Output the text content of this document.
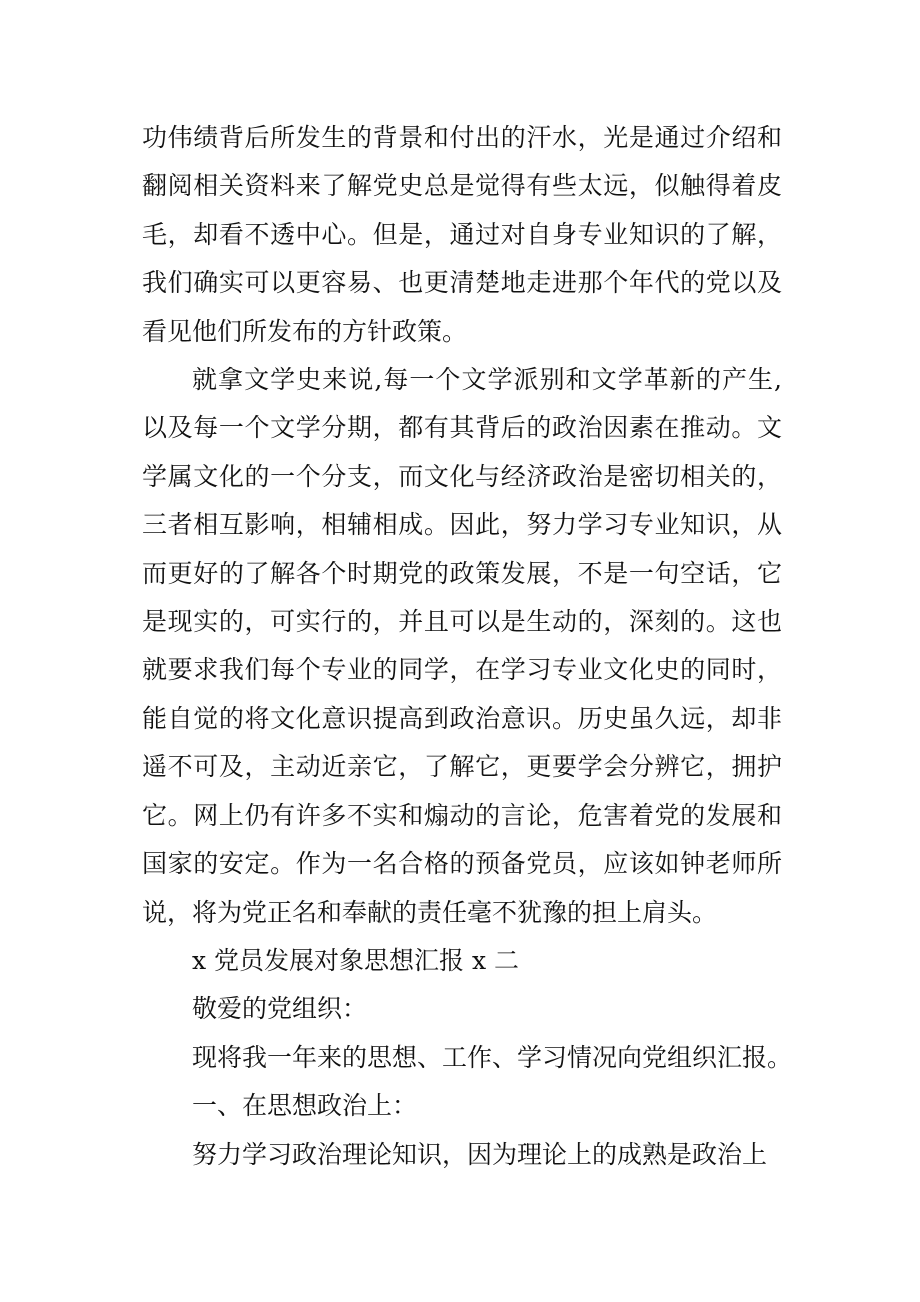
功伟绩背后所发生的背景和付出的汗水，光是通过介绍和翻阅相关资料来了解党史总是觉得有些太远，似触得着皮毛，却看不透中心。但是，通过对自身专业知识的了解，我们确实可以更容易、也更清楚地走进那个年代的党以及看见他们所发布的方针政策。

就拿文学史来说,每一个文学派别和文学革新的产生,以及每一个文学分期，都有其背后的政治因素在推动。文学属文化的一个分支，而文化与经济政治是密切相关的，三者相互影响，相辅相成。因此，努力学习专业知识，从而更好的了解各个时期党的政策发展，不是一句空话，它是现实的，可实行的，并且可以是生动的，深刻的。这也就要求我们每个专业的同学，在学习专业文化史的同时，能自觉的将文化意识提高到政治意识。历史虽久远，却非遥不可及，主动近亲它，了解它，更要学会分辨它，拥护它。网上仍有许多不实和煽动的言论，危害着党的发展和国家的安定。作为一名合格的预备党员，应该如钟老师所说，将为党正名和奉献的责任毫不犹豫的担上肩头。

x 党员发展对象思想汇报 x 二

敬爱的党组织：

现将我一年来的思想、工作、学习情况向党组织汇报。

一、在思想政治上：

努力学习政治理论知识，因为理论上的成熟是政治上
